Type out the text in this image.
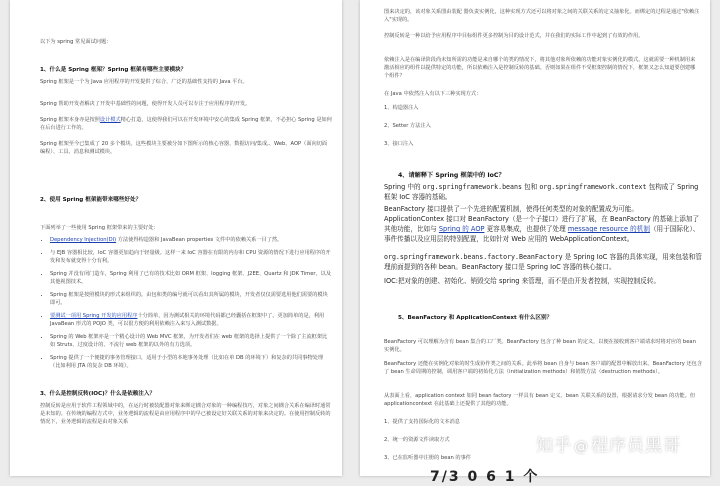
以下为 spring 常见面试问题：
1、什么是 Spring 框架？Spring 框架有哪些主要模块？
Spring 框架是一个为 Java 应用程序的开发提供了综合、广泛的基础性支持的 Java 平台。
Spring 帮助开发者解决了开发中基础性的问题，使得开发人员可以专注于应用程序的开发。
Spring 框架本身亦是按照设计模式精心打造，这使得我们可以在开发环境中安心的集成 Spring 框架，不必担心 Spring 是如何在后台进行工作的。
Spring 框架至今已集成了 20 多个模块。这些模块主要被分如下图所示的核心容器、数据访问/集成,、Web、AOP（面向切面编程）、工具、消息和测试模块。
2、使用 Spring 框架能带来哪些好处？
下面列举了一些使用 Spring 框架带来的主要好处：
• Dependency Injection(DI) 方法使得构造器和 JavaBean properties 文件中的依赖关系一目了然。
• 与 EJB 容器相比较，IoC 容器更加趋向于轻量级。这样一来 IoC 容器在有限的内存和 CPU 资源的情况下进行应用程序的开发和发布就变得十分有利。
• Spring 并没有闭门造车，Spring 利用了已有的技术比如 ORM 框架、logging 框架、J2EE、Quartz 和 JDK Timer，以及其他视图技术。
• Spring 框架是按照模块的形式来组织的。由包和类的编号就可以看出其所属的模块，开发者仅仅需要选用他们需要的模块即可。
• 要测试一项用 Spring 开发的应用程序十分简单，因为测试相关的环境代码都已经囊括在框架中了。更加简单的是，利用 JavaBean 形式的 POJO 类，可以很方便的利用依赖注入来写入测试数据。
• Spring 的 Web 框架亦是一个精心设计的 Web MVC 框架，为开发者们在 web 框架的选择上提供了一个除了主流框架比如 Struts、过度设计的、不流行 web 框架的以外的有力选项。
• Spring 提供了一个便捷的事务管理接口，适用于小型的本地事务处理（比如在单 DB 的环境下）和复杂的共同事物处理（比如利用 JTA 的复杂 DB 环境）。
3、什么是控制反转(IOC)？什么是依赖注入？
控制反转是应用于软件工程领域中的，在运行时被装配器对象来绑定耦合对象的一种编程技巧，对象之间耦合关系在编译时通常是未知的。在传统的编程方式中，业务逻辑的流程是由应用程序中的早已被设定好关联关系的对象来决定的。在使用控制反转的情况下，业务逻辑的流程是由对象关系
图来决定的，该对象关系图由装配 器负责实例化，这种实现方式还可以将对象之间的关联关系的定义抽象化。而绑定的过程是通过"依赖注入"实现的。
控制反转是一种以给予应用程序中目标组件更多控制为目的设计范式，并在我们的实际工作中起到了有效的作用。
依赖注入是在编译阶段尚未知所需的功能是来自哪个的类的情况下，将其他对象所依赖的功能对象实例化的模式。这就需要一种机制用来激活相应的组件以提供特定的功能，所以依赖注入是控制反转的基础。否则如果在组件不受框架控制的情况下，框架又怎么知道要创建哪个组件？
在 Java 中依然注入有以下三种实现方式：
1、构造器注入
2、Setter 方法注入
3、接口注入
4、请解释下 Spring 框架中的 IoC？
Spring 中的 org.springframework.beans 包和 org.springframework.context 包构成了 Spring 框架 IoC 容器的基础。
BeanFactory 接口提供了一个先进的配置机制，使得任何类型的对象的配置成为可能。
ApplicationContex 接口对 BeanFactory（是一个子接口）进行了扩展，在 BeanFactory 的基础上添加了其他功能，比如与 Spring 的 AOP 更容易集成，也提供了处理 message resource 的机制（用于国际化）、事件传播以及应用层的特别配置，比如针对 Web 应用的 WebApplicationContext。
org.springframework.beans.factory.BeanFactory 是 Spring IoC 容器的具体实现，用来包装和管理前面提到的各种 bean。BeanFactory 接口是 Spring IoC 容器的核心接口。
IOC:把对象的创建、初始化、销毁交给 spring 来管理，而不是由开发者控制，实现控制反转。
5、BeanFactory 和 ApplicationContext 有什么区别？
BeanFactory 可以理解为含有 bean 集合的工厂类。BeanFactory 包含了种 bean 的定义，以便在接收到客户端请求时将对应的 bean 实例化。
BeanFactory 还能在实例化对象的时生成协作类之间的关系。此举将 bean 自身与 bean 客户端的配置中解放出来。BeanFactory 还包含 了 bean 生命周期的控制，调用客户端的初始化方法（initialization methods）和销毁方法（destruction methods）。
从表面上看，application context 如同 bean factory 一样具有 bean 定义、bean 关联关系的设置，根据请求分发 bean 的功能。但 applicationcontext 在此基础上还提供了其他的功能。
1、提供了支持国际化的文本消息
2、统一的资源文件读取方式
3、已在监听器中注册的 bean 的事件
7/3 0 6 1 个
知乎 @ 程序员黑哥
